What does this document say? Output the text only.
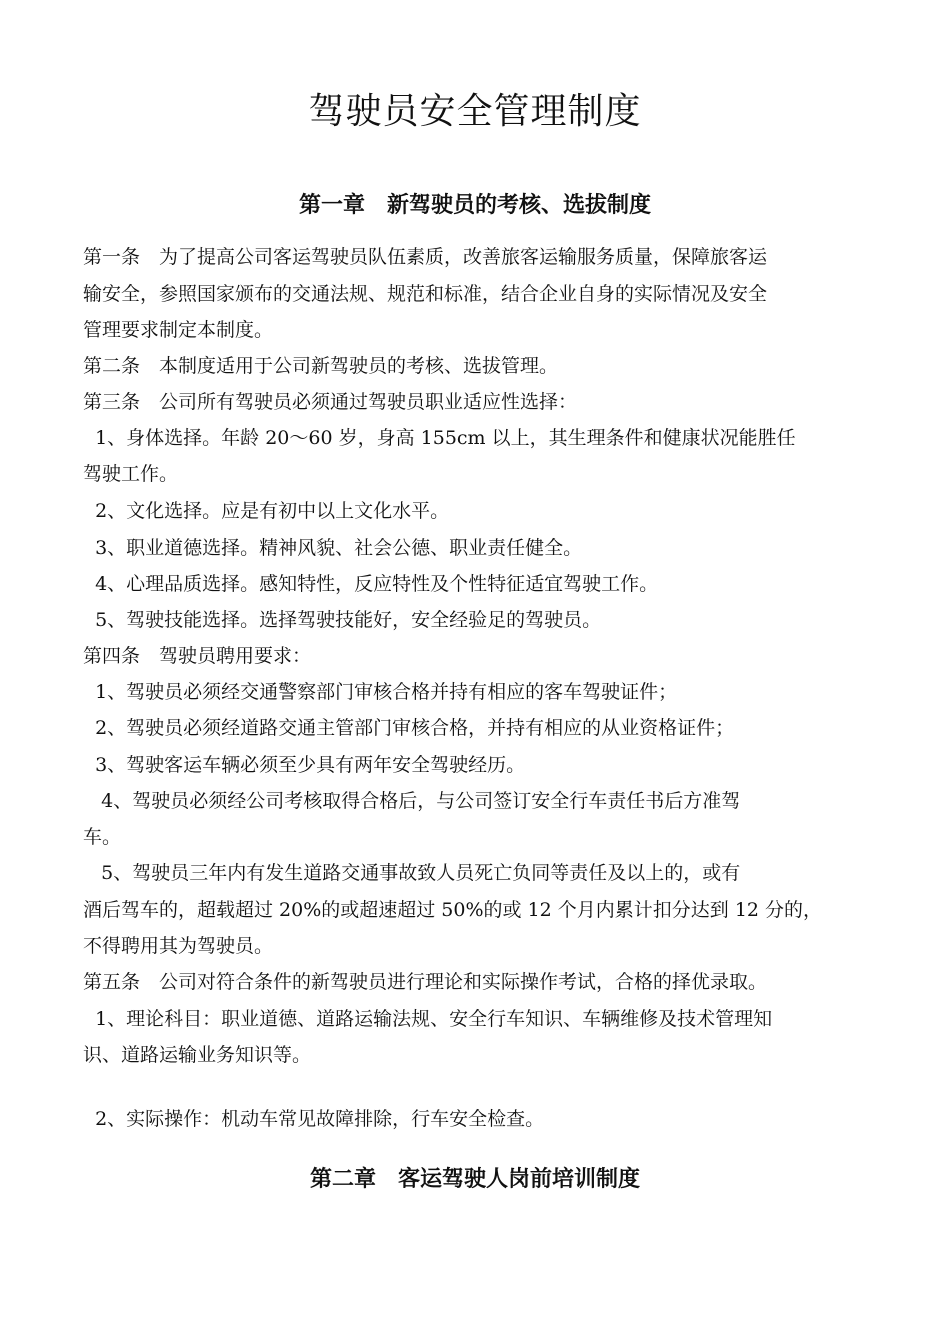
驾驶员安全管理制度
第一章　新驾驶员的考核、选拔制度
第一条　为了提高公司客运驾驶员队伍素质，改善旅客运输服务质量，保障旅客运
输安全，参照国家颁布的交通法规、规范和标准，结合企业自身的实际情况及安全
管理要求制定本制度。
第二条　本制度适用于公司新驾驶员的考核、选拔管理。
第三条　公司所有驾驶员必须通过驾驶员职业适应性选择：
1、身体选择。年龄 20～60 岁，身高 155cm 以上，其生理条件和健康状况能胜任
驾驶工作。
2、文化选择。应是有初中以上文化水平。
3、职业道德选择。精神风貌、社会公德、职业责任健全。
4、心理品质选择。感知特性，反应特性及个性特征适宜驾驶工作。
5、驾驶技能选择。选择驾驶技能好，安全经验足的驾驶员。
第四条　驾驶员聘用要求：
1、驾驶员必须经交通警察部门审核合格并持有相应的客车驾驶证件；
2、驾驶员必须经道路交通主管部门审核合格，并持有相应的从业资格证件；
3、驾驶客运车辆必须至少具有两年安全驾驶经历。
4、驾驶员必须经公司考核取得合格后，与公司签订安全行车责任书后方准驾
车。
5、驾驶员三年内有发生道路交通事故致人员死亡负同等责任及以上的，或有
酒后驾车的，超载超过 20%的或超速超过 50%的或 12 个月内累计扣分达到 12 分的，
不得聘用其为驾驶员。
第五条　公司对符合条件的新驾驶员进行理论和实际操作考试，合格的择优录取。
1、理论科目：职业道德、道路运输法规、安全行车知识、车辆维修及技术管理知
识、道路运输业务知识等。
2、实际操作：机动车常见故障排除，行车安全检查。
第二章　客运驾驶人岗前培训制度
